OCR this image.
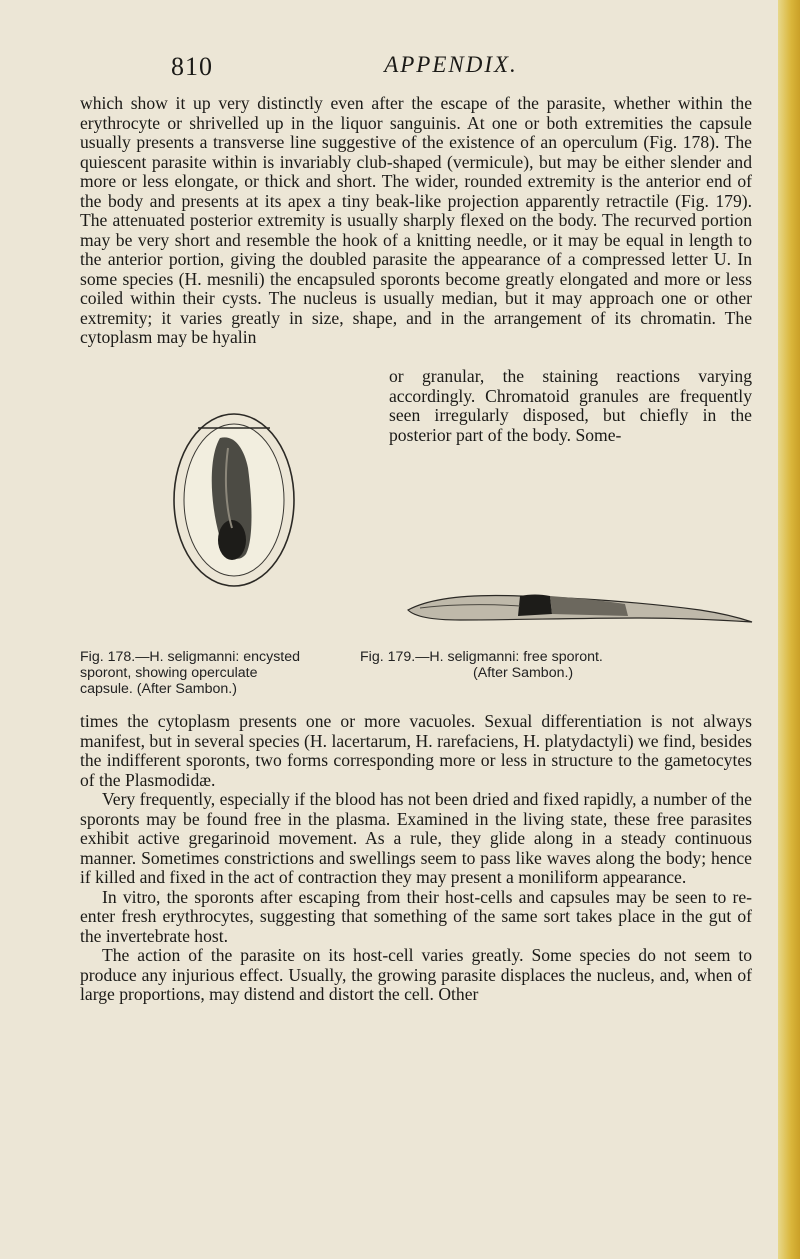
810	APPENDIX.

which show it up very distinctly even after the escape of the parasite, whether within the erythrocyte or shrivelled up in the liquor sanguinis. At one or both extremities the capsule usually presents a transverse line suggestive of the existence of an operculum (Fig. 178). The quiescent parasite within is invariably club-shaped (vermicule), but may be either slender and more or less elongate, or thick and short. The wider, rounded extremity is the anterior end of the body and presents at its apex a tiny beak-like projection apparently retractile (Fig. 179). The attenuated posterior extremity is usually sharply flexed on the body. The recurved portion may be very short and resemble the hook of a knitting needle, or it may be equal in length to the anterior portion, giving the doubled parasite the appearance of a compressed letter U. In some species (H. mesnili) the encapsuled sporonts become greatly elongated and more or less coiled within their cysts. The nucleus is usually median, but it may approach one or other extremity; it varies greatly in size, shape, and in the arrangement of its chromatin. The cytoplasm may be hyalin

or granular, the staining reactions varying accordingly. Chromatoid granules are frequently seen irregularly disposed, but chiefly in the posterior part of the body. Some-
Fig. 178.—H. seligmanni: encysted sporont, showing operculate capsule. (After Sambon.)
Fig. 179.—H. seligmanni: free sporont.
(After Sambon.)

times the cytoplasm presents one or more vacuoles. Sexual differentiation is not always manifest, but in several species (H. lacertarum, H. rarefaciens, H. platydactyli) we find, besides the indifferent sporonts, two forms corresponding more or less in structure to the gametocytes of the Plasmodidæ.

Very frequently, especially if the blood has not been dried and fixed rapidly, a number of the sporonts may be found free in the plasma. Examined in the living state, these free parasites exhibit active gregarinoid movement. As a rule, they glide along in a steady continuous manner. Sometimes constrictions and swellings seem to pass like waves along the body; hence if killed and fixed in the act of contraction they may present a moniliform appearance.

In vitro, the sporonts after escaping from their host-cells and capsules may be seen to re-enter fresh erythrocytes, suggesting that something of the same sort takes place in the gut of the invertebrate host.

The action of the parasite on its host-cell varies greatly. Some species do not seem to produce any injurious effect. Usually, the growing parasite displaces the nucleus, and, when of large proportions, may distend and distort the cell. Other
